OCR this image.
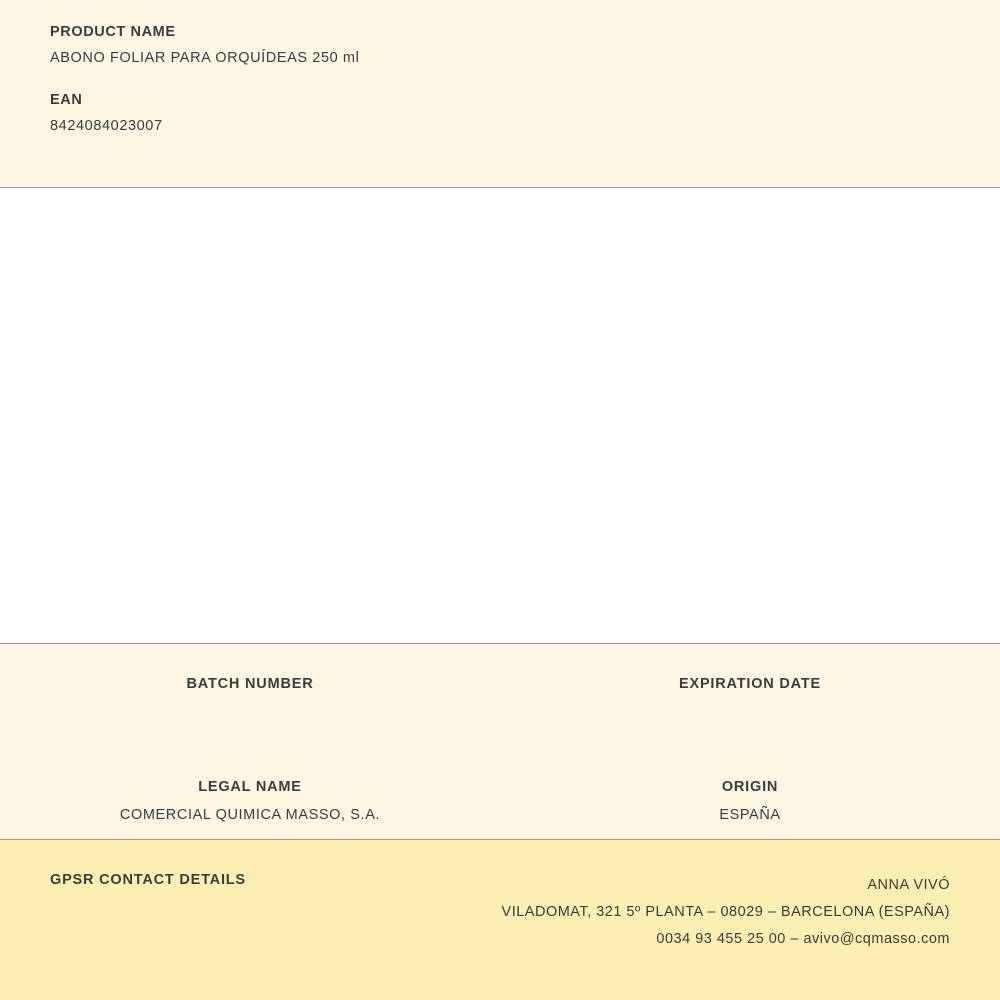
PRODUCT NAME
ABONO FOLIAR PARA ORQUÍDEAS 250 ml
EAN
8424084023007
BATCH NUMBER	EXPIRATION DATE
LEGAL NAME
COMERCIAL QUIMICA MASSO, S.A.
ORIGIN
ESPAÑA
GPSR CONTACT DETAILS	ANNA VIVÓ
VILADOMAT, 321 5º PLANTA – 08029 – BARCELONA (ESPAÑA)
0034 93 455 25 00 – avivo@cqmasso.com
